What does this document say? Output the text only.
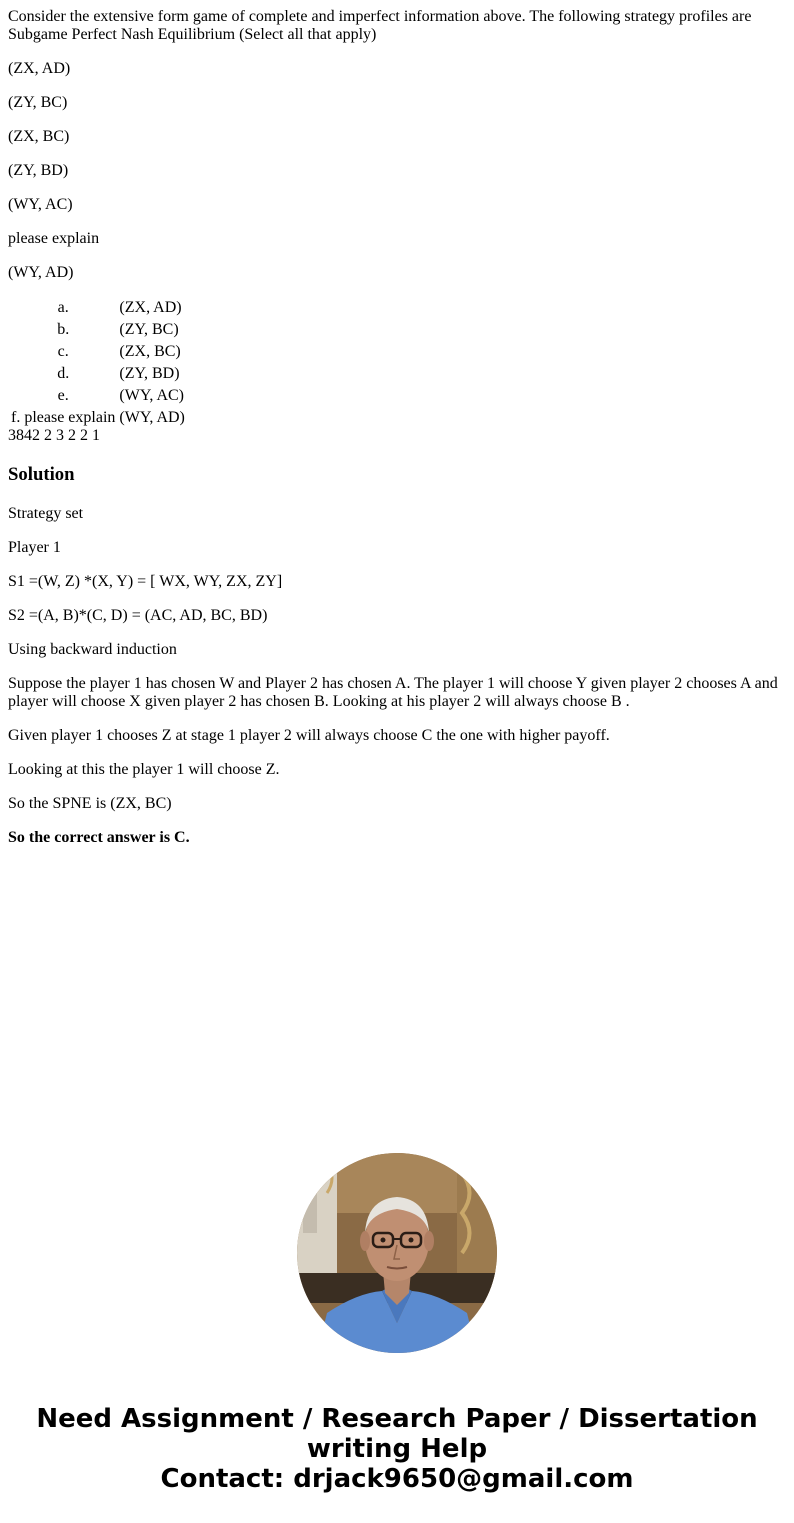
Consider the extensive form game of complete and imperfect information above. The following strategy profiles are Subgame Perfect Nash Equilibrium (Select all that apply)

(ZX, AD)

(ZY, BC)

(ZX, BC)

(ZY, BD)

(WY, AC)

please explain

(WY, AD)

a.	(ZX, AD)
b.	(ZY, BC)
c.	(ZX, BC)
d.	(ZY, BD)
e.	(WY, AC)
f. please explain	(WY, AD)
3842 2 3 2 2 1
Solution

Strategy set

Player 1

S1 =(W, Z) *(X, Y) = [ WX, WY, ZX, ZY]

S2 =(A, B)*(C, D) = (AC, AD, BC, BD)

Using backward induction

Suppose the player 1 has chosen W and Player 2 has chosen A. The player 1 will choose Y given player 2 chooses A and player will choose X given player 2 has chosen B. Looking at his player 2 will always choose B .

Given player 1 chooses Z at stage 1 player 2 will always choose C the one with higher payoff.

Looking at this the player 1 will choose Z.

So the SPNE is (ZX, BC)

So the correct answer is C.

Need Assignment / Research Paper / Dissertation
writing Help
Contact: drjack9650@gmail.com
